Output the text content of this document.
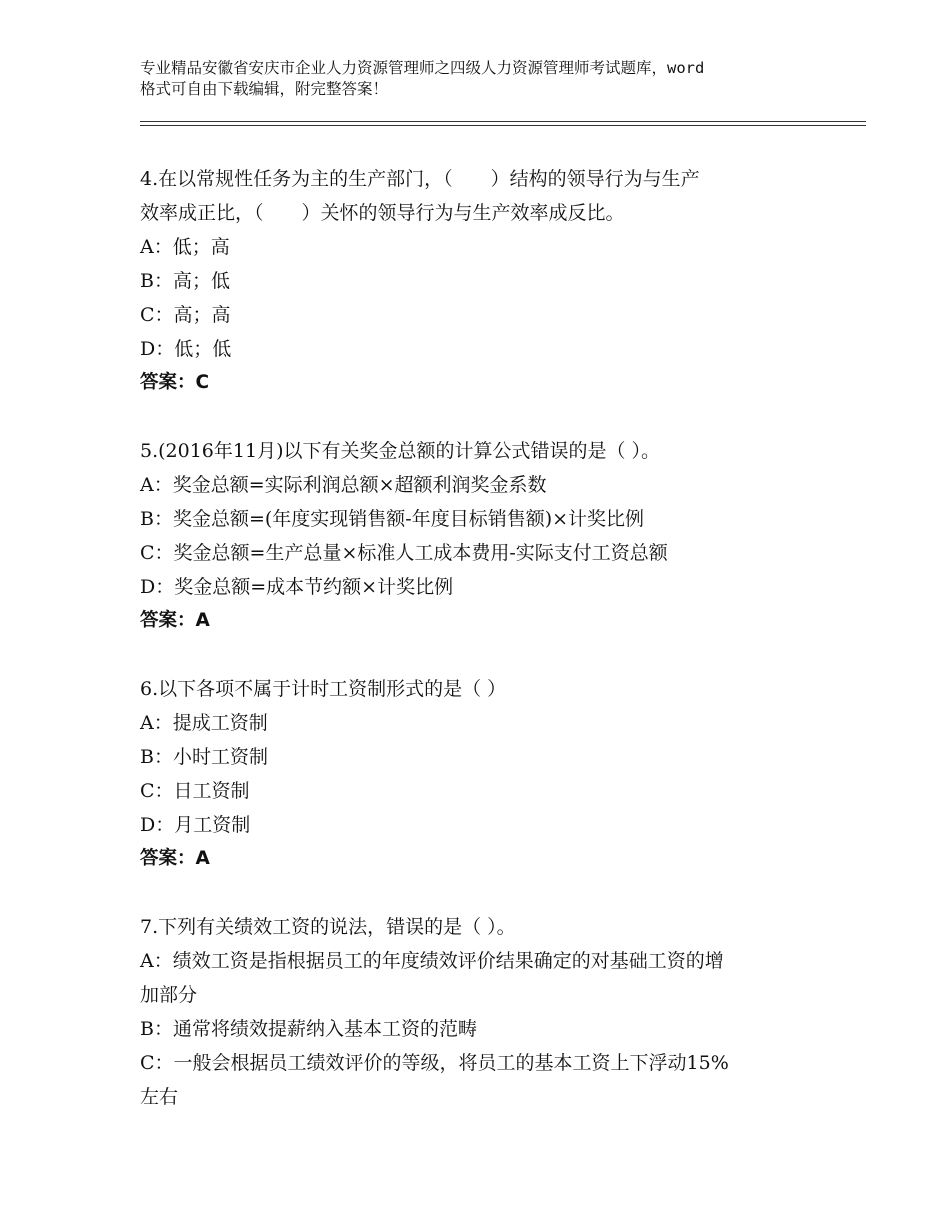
专业精品安徽省安庆市企业人力资源管理师之四级人力资源管理师考试题库，word
格式可自由下载编辑，附完整答案！
4.在以常规性任务为主的生产部门，（　　）结构的领导行为与生产
效率成正比，（　　）关怀的领导行为与生产效率成反比。
A：低；高
B：高；低
C：高；高
D：低；低
答案：C
5.(2016年11月)以下有关奖金总额的计算公式错误的是（ ）。
A：奖金总额=实际利润总额×超额利润奖金系数
B：奖金总额=(年度实现销售额-年度目标销售额)×计奖比例
C：奖金总额=生产总量×标准人工成本费用-实际支付工资总额
D：奖金总额=成本节约额×计奖比例
答案：A
6.以下各项不属于计时工资制形式的是（ ）
A：提成工资制
B：小时工资制
C：日工资制
D：月工资制
答案：A
7.下列有关绩效工资的说法，错误的是（ ）。
A：绩效工资是指根据员工的年度绩效评价结果确定的对基础工资的增
加部分
B：通常将绩效提薪纳入基本工资的范畴
C：一般会根据员工绩效评价的等级，将员工的基本工资上下浮动15%
左右
